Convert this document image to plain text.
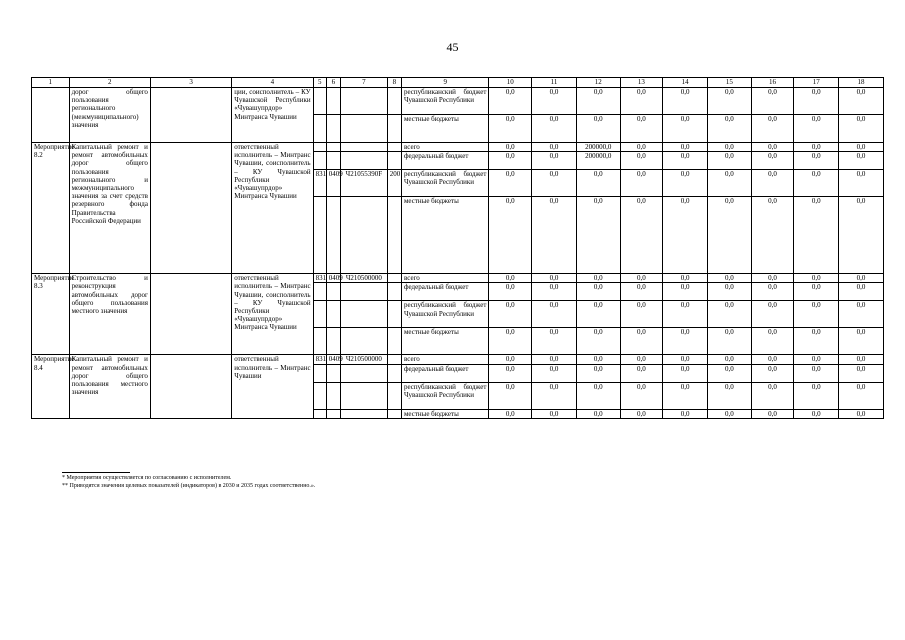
45
1	2	3	4	5	6	7	8	9	10	11	12	13	14	15	16	17	18
	дорог общего пользования регионального (межмуниципального) значения		ции, соисполнитель – КУ Чувашской Республики «Чувашупрдор» Минтранса Чувашии					республиканский бюджет Чувашской Республики	0,0	0,0	0,0	0,0	0,0	0,0	0,0	0,0	0,0
								местные бюджеты	0,0	0,0	0,0	0,0	0,0	0,0	0,0	0,0	0,0
Мероприятие 8.2	Капитальный ремонт и ремонт автомобильных дорог общего пользования регионального и межмуниципального значения за счет средств резервного фонда Правительства Российской Федерации		ответственный исполнитель – Минтранс Чувашии, соисполнитель – КУ Чувашской Республики «Чувашупрдор» Минтранса Чувашии					всего	0,0	0,0	200000,0	0,0	0,0	0,0	0,0	0,0	0,0
								федеральный бюджет	0,0	0,0	200000,0	0,0	0,0	0,0	0,0	0,0	0,0
				831	0409	Ч21055390F	200	республиканский бюджет Чувашской Республики	0,0	0,0	0,0	0,0	0,0	0,0	0,0	0,0	0,0
								местные бюджеты	0,0	0,0	0,0	0,0	0,0	0,0	0,0	0,0	0,0
Мероприятие 8.3	Строительство и реконструкция автомобильных дорог общего пользования местного значения		ответственный исполнитель – Минтранс Чувашии, соисполнитель – КУ Чувашской Республики «Чувашупрдор» Минтранса Чувашии	831	0409	Ч210500000		всего	0,0	0,0	0,0	0,0	0,0	0,0	0,0	0,0	0,0
								федеральный бюджет	0,0	0,0	0,0	0,0	0,0	0,0	0,0	0,0	0,0
								республиканский бюджет Чувашской Республики	0,0	0,0	0,0	0,0	0,0	0,0	0,0	0,0	0,0
								местные бюджеты	0,0	0,0	0,0	0,0	0,0	0,0	0,0	0,0	0,0
Мероприятие 8.4	Капитальный ремонт и ремонт автомобильных дорог общего пользования местного значения		ответственный исполнитель – Минтранс Чувашии	831	0409	Ч210500000		всего	0,0	0,0	0,0	0,0	0,0	0,0	0,0	0,0	0,0
								федеральный бюджет	0,0	0,0	0,0	0,0	0,0	0,0	0,0	0,0	0,0
								республиканский бюджет Чувашской Республики	0,0	0,0	0,0	0,0	0,0	0,0	0,0	0,0	0,0
								местные бюджеты	0,0	0,0	0,0	0,0	0,0	0,0	0,0	0,0	0,0
* Мероприятия осуществляется по согласованию с исполнителем.
** Приводятся значения целевых показателей (индикаторов) в 2030 и 2035 годах соответственно.».
